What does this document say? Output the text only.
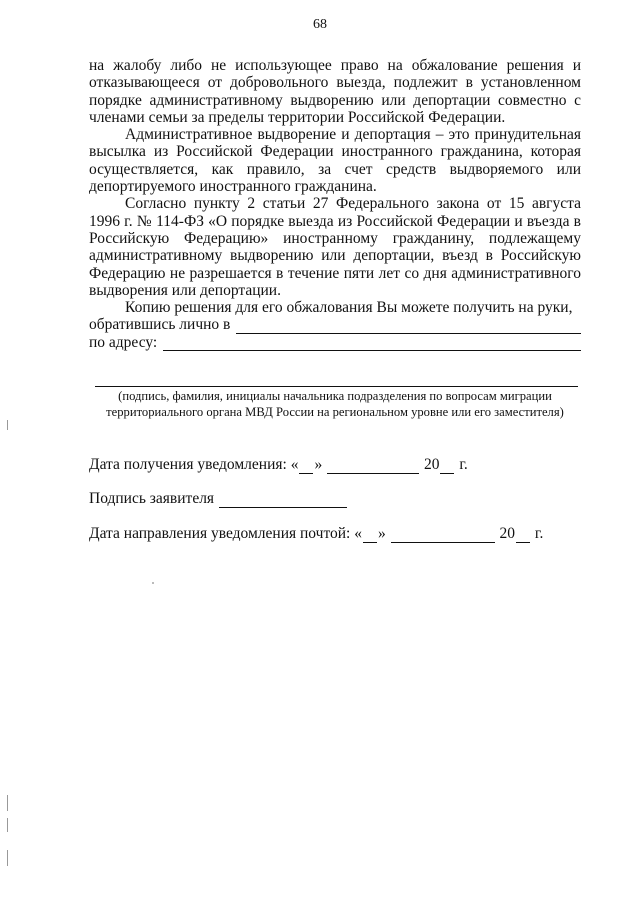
68

на жалобу либо не использующее право на обжалование решения и отказывающееся от добровольного выезда, подлежит в установленном порядке административному выдворению или депортации совместно с членами семьи за пределы территории Российской Федерации.

Административное выдворение и депортация – это принудительная высылка из Российской Федерации иностранного гражданина, которая осуществляется, как правило, за счет средств выдворяемого или депортируемого иностранного гражданина.

Согласно пункту 2 статьи 27 Федерального закона от 15 августа 1996 г. № 114-ФЗ «О порядке выезда из Российской Федерации и въезда в Российскую Федерацию» иностранному гражданину, подлежащему административному выдворению или депортации, въезд в Российскую Федерацию не разрешается в течение пяти лет со дня административного выдворения или депортации.

Копию решения для его обжалования Вы можете получить на руки,

обратившись лично в
по адресу:
(подпись, фамилия, инициалы начальника подразделения по вопросам миграции территориального органа МВД России на региональном уровне или его заместителя)
Дата получения уведомления:
« »

	20
г.
Подпись заявителя

Дата направления уведомления почтой:
« »

	20
г.
